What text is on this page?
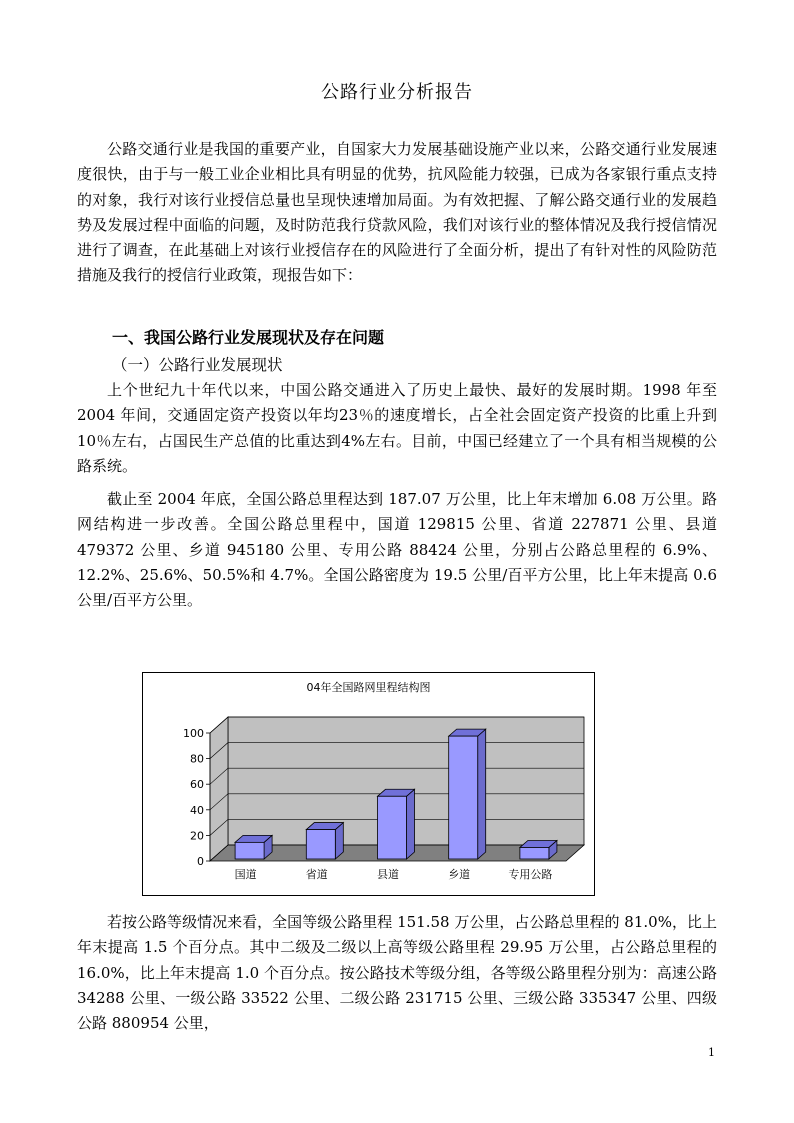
公路行业分析报告

公路交通行业是我国的重要产业，自国家大力发展基础设施产业以来，公路交通行业发展速度很快，由于与一般工业企业相比具有明显的优势，抗风险能力较强，已成为各家银行重点支持的对象，我行对该行业授信总量也呈现快速增加局面。为有效把握、了解公路交通行业的发展趋势及发展过程中面临的问题，及时防范我行贷款风险，我们对该行业的整体情况及我行授信情况进行了调查，在此基础上对该行业授信存在的风险进行了全面分析，提出了有针对性的风险防范措施及我行的授信行业政策，现报告如下：

一、我国公路行业发展现状及存在问题
（一）公路行业发展现状

上个世纪九十年代以来，中国公路交通进入了历史上最快、最好的发展时期。1998 年至2004 年间，交通固定资产投资以年均23％的速度增长，占全社会固定资产投资的比重上升到10％左右，占国民生产总值的比重达到4%左右。目前，中国已经建立了一个具有相当规模的公路系统。

截止至 2004 年底，全国公路总里程达到 187.07 万公里，比上年末增加 6.08 万公里。路网结构进一步改善。全国公路总里程中，国道 129815 公里、省道 227871 公里、县道 479372 公里、乡道 945180 公里、专用公路 88424 公里，分别占公路总里程的 6.9%、12.2%、25.6%、50.5%和 4.7%。全国公路密度为 19.5 公里/百平方公里，比上年末提高 0.6 公里/百平方公里。

04年全国路网里程结构图
0
20
40
60
80
100
国道	省道	县道	乡道	专用公路

若按公路等级情况来看，全国等级公路里程 151.58 万公里，占公路总里程的 81.0%，比上年末提高 1.5 个百分点。其中二级及二级以上高等级公路里程 29.95 万公里，占公路总里程的 16.0%，比上年末提高 1.0 个百分点。按公路技术等级分组，各等级公路里程分别为：高速公路 34288 公里、一级公路 33522 公里、二级公路 231715 公里、三级公路 335347 公里、四级公路 880954 公里，

1
